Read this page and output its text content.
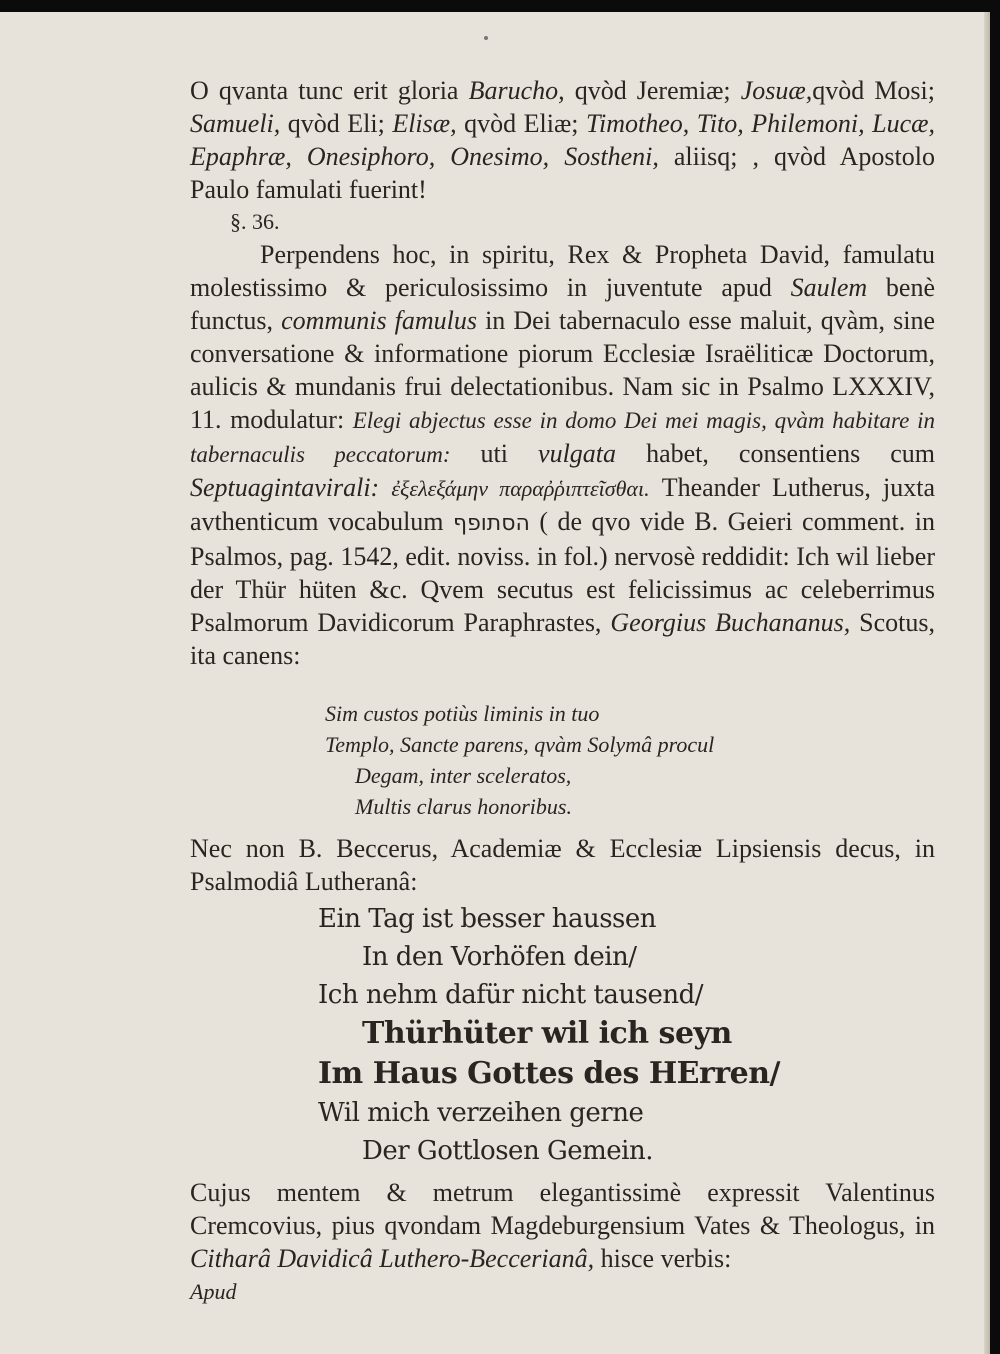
O qvanta tunc erit gloria Barucho, qvòd Jeremiæ; Josuæ,qvòd Mosi; Samueli, qvòd Eli; Elisæ, qvòd Eliæ; Timotheo, Tito, Philemoni, Lucæ, Epaphræ, Onesiphoro, Onesimo, Sostheni, aliisq; , qvòd Apostolo Paulo famulati fuerint!

§. 36.

Perpendens hoc, in spiritu, Rex & Propheta David, famulatu molestissimo & periculosissimo in juventute apud Saulem benè functus, communis famulus in Dei tabernaculo esse maluit, qvàm, sine conversatione & informatione piorum Ecclesiæ Israëliticæ Doctorum, aulicis & mundanis frui delectationibus. Nam sic in Psalmo LXXXIV, 11. modulatur: Elegi abjectus esse in domo Dei mei magis, qvàm habitare in tabernaculis peccatorum: uti vulgata habet, consentiens cum Septuagintavirali: ἐξελεξάμην παραῤῥιπτεῖσθαι. Theander Lutherus, juxta avthenticum vocabulum הסתופף ( de qvo vide B. Geieri comment. in Psalmos, pag. 1542, edit. noviss. in fol.) nervosè reddidit: Ich wil lieber der Thür hüten &c. Qvem secutus est felicissimus ac celeberrimus Psalmorum Davidicorum Paraphrastes, Georgius Buchananus, Scotus, ita canens:

Sim custos potiùs liminis in tuo

Templo, Sancte parens, qvàm Solymâ procul

Degam, inter sceleratos,

Multis clarus honoribus.

Nec non B. Beccerus, Academiæ & Ecclesiæ Lipsiensis decus, in Psalmodiâ Lutheranâ:

Ein Tag ist besser haussen

In den Vorhöfen dein/

Ich nehm dafür nicht tausend/

Thürhüter wil ich seyn

Im Haus Gottes des HErren/

Wil mich verzeihen gerne

Der Gottlosen Gemein.

Cujus mentem & metrum elegantissimè expressit Valentinus Cremcovius, pius qvondam Magdeburgensium Vates & Theologus, in Citharâ Davidicâ Luthero-Beccerianâ, hisce verbis:

Apud
